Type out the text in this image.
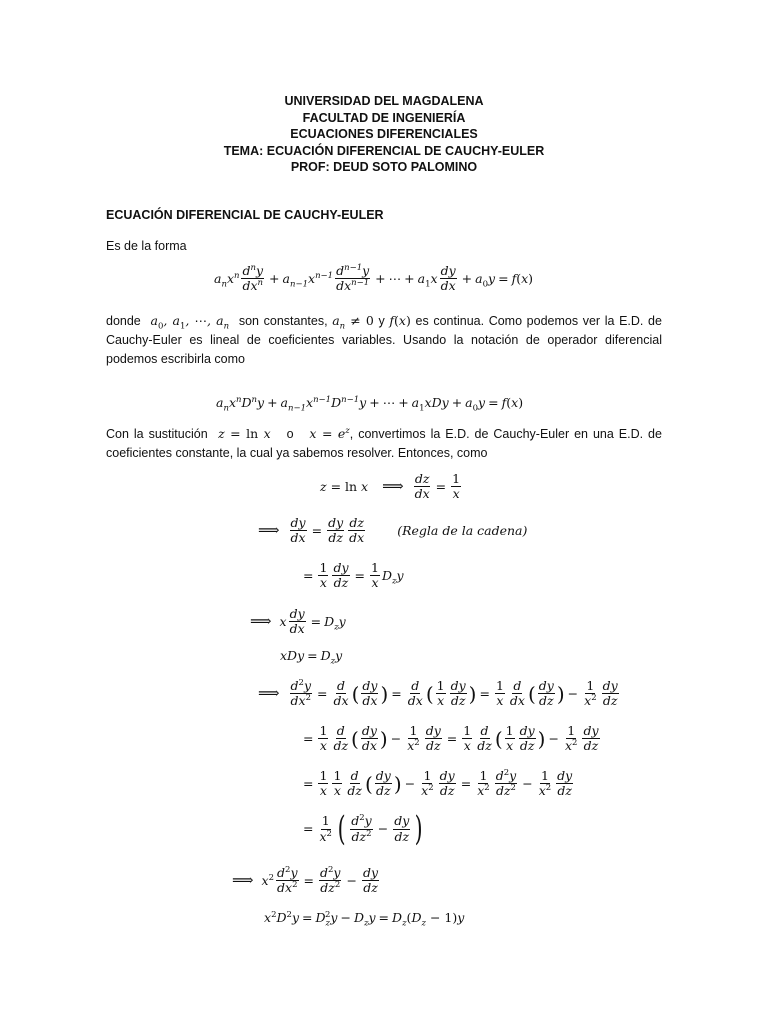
UNIVERSIDAD DEL MAGDALENA
FACULTAD DE INGENIERÍA
ECUACIONES DIFERENCIALES
TEMA: ECUACIÓN DIFERENCIAL DE CAUCHY-EULER
PROF: DEUD SOTO PALOMINO
ECUACIÓN DIFERENCIAL DE CAUCHY-EULER
Es de la forma
$a_nx^n \frac{d^ny}{dx^n} + a_{n-1}x^{n-1} \frac{d^{n-1}y}{dx^{n-1}}$ + ⋯ + $a_1x \frac{dy}{dx} + a_0y = f(x)$
donde  $a_0$, $a_1$, ⋯, $a_n$ son constantes, $a_n \ne 0$ y f(x) es continua. Como podemos ver la E.D. de Cauchy-Euler es lineal de coeficientes variables. Usando la notación de operador diferencial podemos escribirla como
$a_nx^nD^ny + a_{n-1}x^{n-1}D^{n-1}y$ + ⋯ + $a_1xDy + a_0y = f(x)$
Con la sustitución  z = ln x   o   $x = e^z$, convertimos la E.D. de Cauchy-Euler en una E.D. de coeficientes constante, la cual ya sabemos resolver. Entonces, como
z = ln x ⟹ $\frac{dz}{dx} = \frac{1}{x}$
⟹ $\frac{dy}{dx} = \frac{dy}{dz} \frac{dz}{dx}$	(Regla de la cadena)
= $\frac{1}{x} \frac{dy}{dz} = \frac{1}{x} D_zy$
⟹ x $\frac{dy}{dx} = D_zy$
xDy = $D_zy$
⟹ $\frac{d^2y}{dx^2} = \frac{d}{dx}$ ( $\frac{dy}{dx}$ ) = $\frac{d}{dx}$ ( $\frac{1}{x} \frac{dy}{dz}$ ) = $\frac{1}{x} \frac{d}{dx}$ ( $\frac{dy}{dz}$ ) − $\frac{1}{x^2} \frac{dy}{dz}$
= $\frac{1}{x} \frac{d}{dz}$ ( $\frac{dy}{dx}$ ) − $\frac{1}{x^2} \frac{dy}{dz} = \frac{1}{x} \frac{d}{dz}$ ( $\frac{1}{x} \frac{dy}{dz}$ ) − $\frac{1}{x^2} \frac{dy}{dz}$
= $\frac{1}{x} \frac{1}{x} \frac{d}{dz}$ ( $\frac{dy}{dz}$ ) − $\frac{1}{x^2} \frac{dy}{dz} = \frac{1}{x^2} \frac{d^2y}{dz^2} - \frac{1}{x^2} \frac{dy}{dz}$
= $\frac{1}{x^2}$ ( $\frac{d^2y}{dz^2} - \frac{dy}{dz}$ )
⟹ $x^2 \frac{d^2y}{dx^2} = \frac{d^2y}{dz^2} - \frac{dy}{dz}$
$x^2D^2y = D_z^2y - D_zy = D_z(D_z - 1)y$
